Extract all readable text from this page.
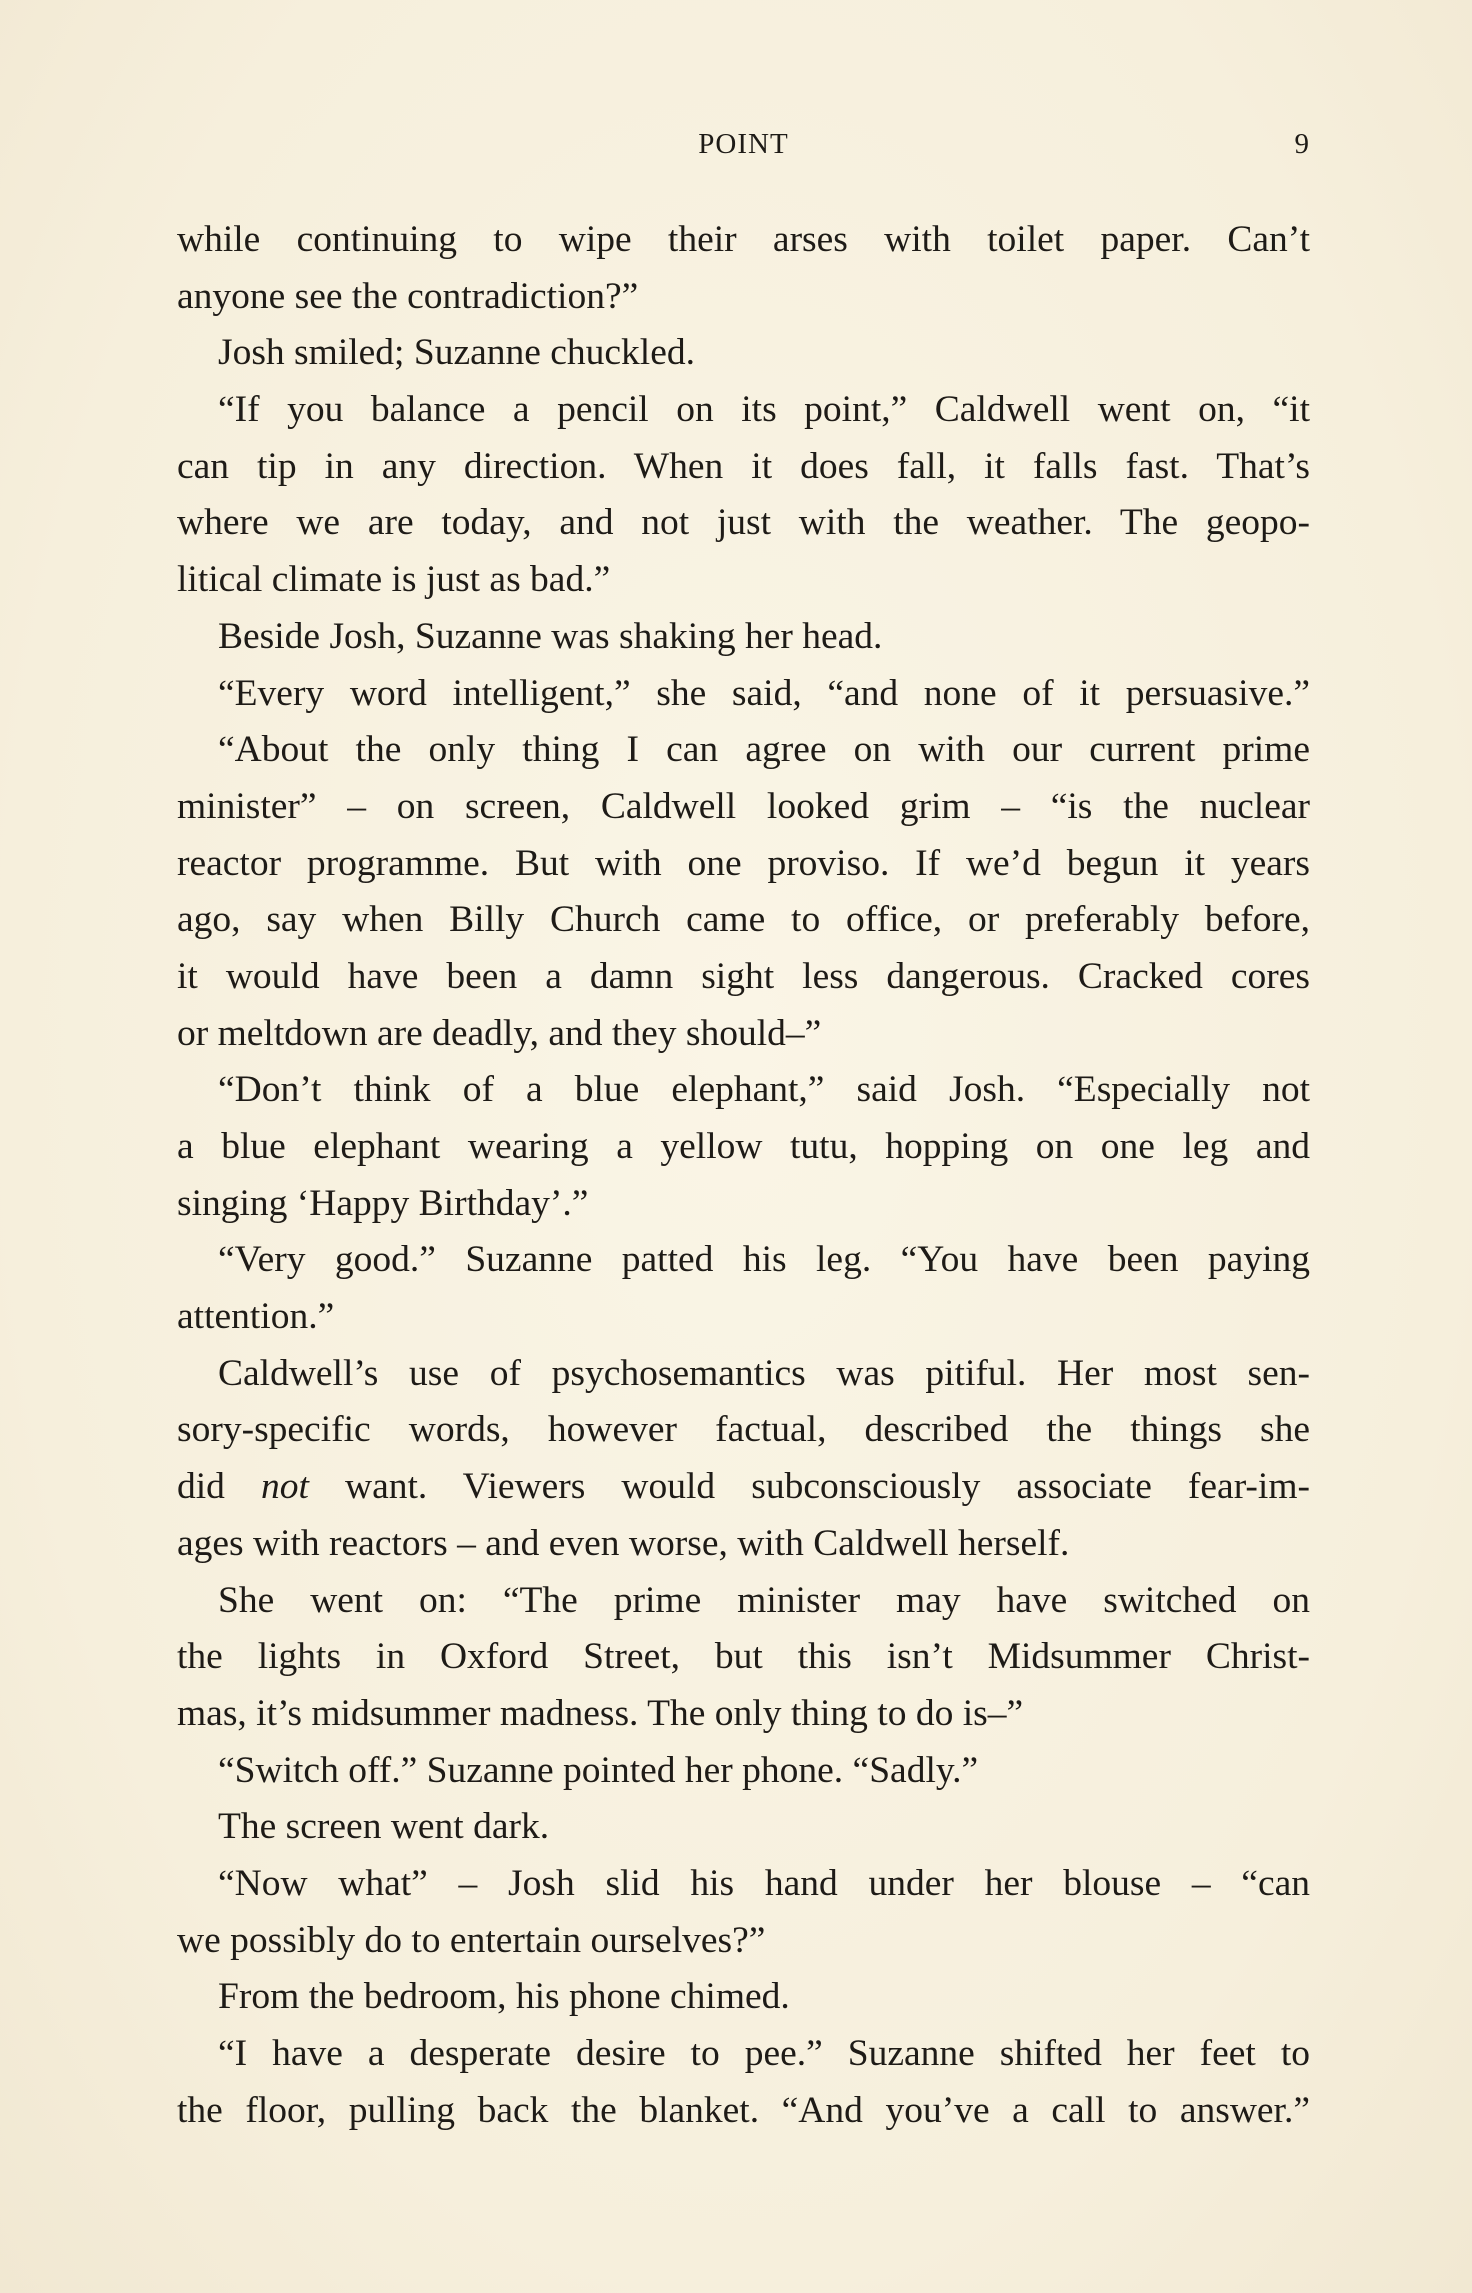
POINT	9
while continuing to wipe their arses with toilet paper. Can’t
anyone see the contradiction?”
Josh smiled; Suzanne chuckled.
“If you balance a pencil on its point,” Caldwell went on, “it
can tip in any direction. When it does fall, it falls fast. That’s
where we are today, and not just with the weather. The geopo-
litical climate is just as bad.”
Beside Josh, Suzanne was shaking her head.
“Every word intelligent,” she said, “and none of it persuasive.”
“About the only thing I can agree on with our current prime
minister” – on screen, Caldwell looked grim – “is the nuclear
reactor programme. But with one proviso. If we’d begun it years
ago, say when Billy Church came to office, or preferably before,
it would have been a damn sight less dangerous. Cracked cores
or meltdown are deadly, and they should–”
“Don’t think of a blue elephant,” said Josh. “Especially not
a blue elephant wearing a yellow tutu, hopping on one leg and
singing ‘Happy Birthday’.”
“Very good.” Suzanne patted his leg. “You have been paying
attention.”
Caldwell’s use of psychosemantics was pitiful. Her most sen-
sory-specific words, however factual, described the things she
did not want. Viewers would subconsciously associate fear-im-
ages with reactors – and even worse, with Caldwell herself.
She went on: “The prime minister may have switched on
the lights in Oxford Street, but this isn’t Midsummer Christ-
mas, it’s midsummer madness. The only thing to do is–”
“Switch off.” Suzanne pointed her phone. “Sadly.”
The screen went dark.
“Now what” – Josh slid his hand under her blouse – “can
we possibly do to entertain ourselves?”
From the bedroom, his phone chimed.
“I have a desperate desire to pee.” Suzanne shifted her feet to
the floor, pulling back the blanket. “And you’ve a call to answer.”
